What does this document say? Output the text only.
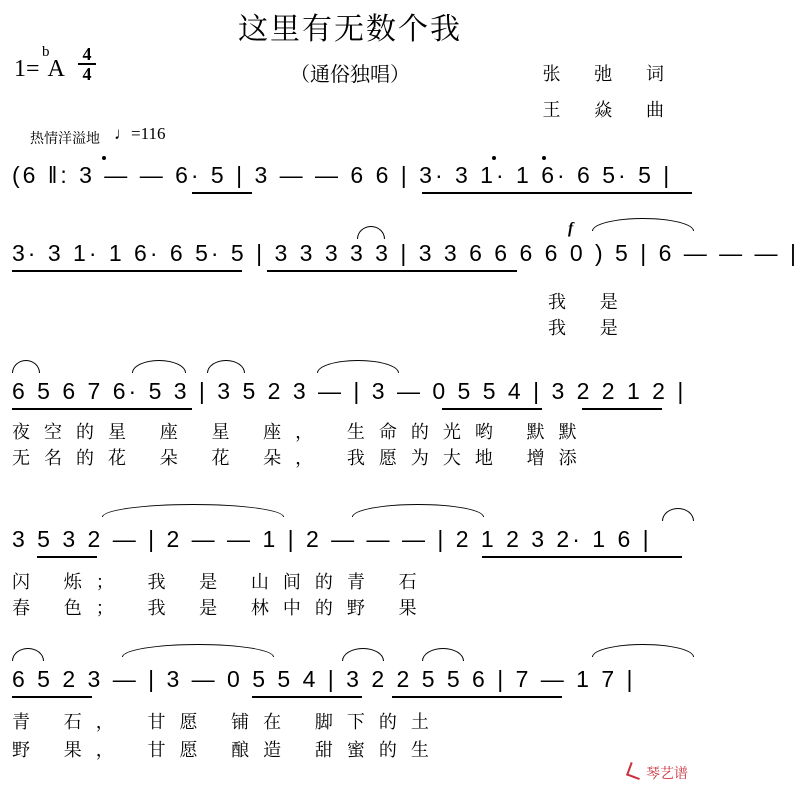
这里有无数个我
（通俗独唱）
1=
b
A
4
4	张 弛 词
王 焱 曲
热情洋溢地 ♩=116
(6 ‖: 3 — — 6· 5 | 3 — — 6 6 | 3· 3 1· 1 6· 6 5· 5 |
3· 3 1· 1 6· 6 5· 5 | 3 3 3 3 3 | 3 3 6 6 6 6 0 ) 5 | 6 — — — |
f
我 是
我 是
6 5 6 7 6· 5 3 | 3 5 2 3 — | 3 — 0 5 5 4 | 3 2 2 1 2 |
夜空的星 座 星 座， 生命的光哟 默默
无名的花 朵 花 朵， 我愿为大地 增添
3 5 3 2 — | 2 — — 1 | 2 — — — | 2 1 2 3 2· 1 6 |
闪 烁； 我 是 山间的青 石
春 色； 我 是 林中的野 果
6 5 2 3 — | 3 — 0 5 5 4 | 3 2 2 5 5 6 | 7 — 1 7 |
青 石， 甘愿 铺在 脚下的土
野 果， 甘愿 酿造 甜蜜的生
琴艺谱
